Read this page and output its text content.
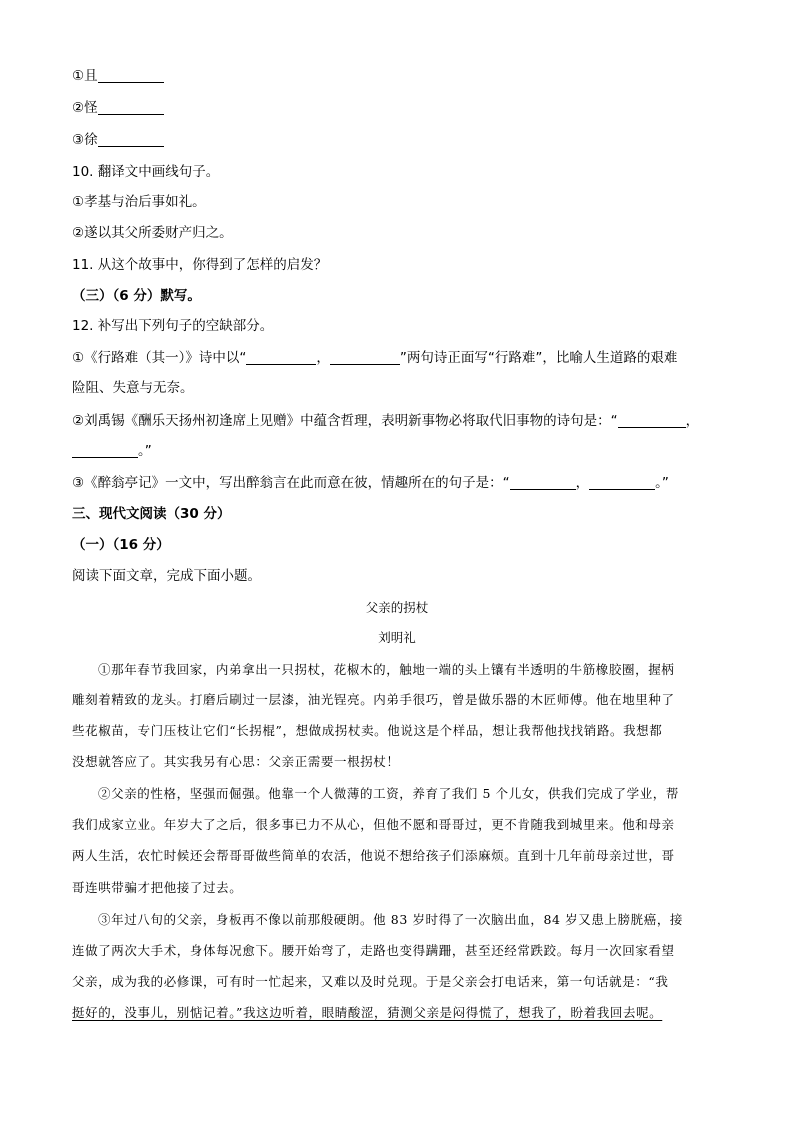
①且
②怪
③徐
10. 翻译文中画线句子。
①孝基与治后事如礼。
②遂以其父所委财产归之。
11. 从这个故事中，你得到了怎样的启发？
（三）（6 分）默写。
12. 补写出下列句子的空缺部分。
①《行路难（其一）》诗中以“	，	”两句诗正面写“行路难”，比喻人生道路的艰难
险阻、失意与无奈。
②刘禹锡《酬乐天扬州初逢席上见赠》中蕴含哲理，表明新事物必将取代旧事物的诗句是：“	，
。”
③《醉翁亭记》一文中，写出醉翁言在此而意在彼，情趣所在的句子是：“	，	。”
三、现代文阅读（30 分）
（一）（16 分）
阅读下面文章，完成下面小题。
父亲的拐杖
刘明礼
①那年春节我回家，内弟拿出一只拐杖，花椒木的，触地一端的头上镶有半透明的牛筋橡胶圈，握柄
雕刻着精致的龙头。打磨后刷过一层漆，油光锃亮。内弟手很巧，曾是做乐器的木匠师傅。他在地里种了
些花椒苗，专门压枝让它们“长拐棍”，想做成拐杖卖。他说这是个样品，想让我帮他找找销路。我想都
没想就答应了。其实我另有心思：父亲正需要一根拐杖！
②父亲的性格，坚强而倔强。他靠一个人微薄的工资，养育了我们 5 个儿女，供我们完成了学业，帮
我们成家立业。年岁大了之后，很多事已力不从心，但他不愿和哥哥过，更不肯随我到城里来。他和母亲
两人生活，农忙时候还会帮哥哥做些简单的农活，他说不想给孩子们添麻烦。直到十几年前母亲过世，哥
哥连哄带骗才把他接了过去。
③年过八旬的父亲，身板再不像以前那般硬朗。他 83 岁时得了一次脑出血，84 岁又患上膀胱癌，接
连做了两次大手术，身体每况愈下。腰开始弯了，走路也变得蹒跚，甚至还经常跌跤。每月一次回家看望
父亲，成为我的必修课，可有时一忙起来，又难以及时兑现。于是父亲会打电话来，第一句话就是：“我
挺好的，没事儿，别惦记着。”我这边听着，眼睛酸涩，猜测父亲是闷得慌了，想我了，盼着我回去呢。
